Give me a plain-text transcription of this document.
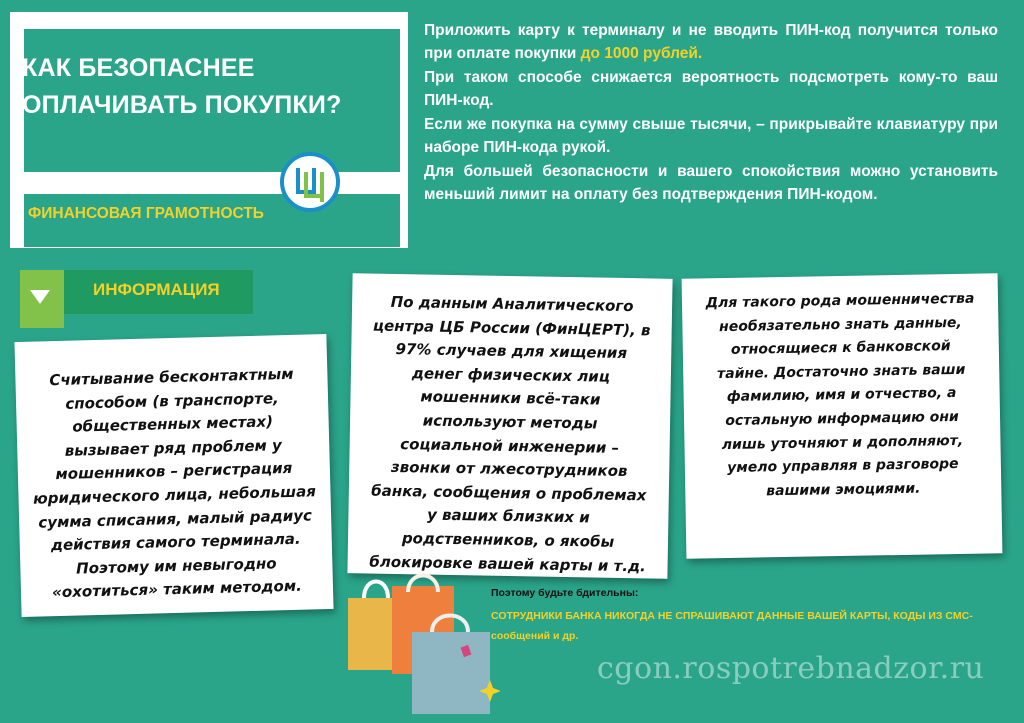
КАК БЕЗОПАСНЕЕ ОПЛАЧИВАТЬ ПОКУПКИ?
ФИНАНСОВАЯ ГРАМОТНОСТЬ

Приложить карту к терминалу и не вводить ПИН-код получится только при оплате покупки до 1000 рублей.

При таком способе снижается вероятность подсмотреть кому-то ваш ПИН-код.

Если же покупка на сумму свыше тысячи, – прикрывайте клавиатуру при наборе ПИН-кода рукой.

Для большей безопасности и вашего спокойствия можно установить меньший лимит на оплату без подтверждения ПИН-кодом.

ИНФОРМАЦИЯ
Считывание бесконтактным способом (в транспорте, общественных местах) вызывает ряд проблем у мошенников – регистрация юридического лица, небольшая сумма списания, малый радиус действия самого терминала. Поэтому им невыгодно «охотиться» таким методом.
По данным Аналитического центра ЦБ России (ФинЦЕРТ), в 97% случаев для хищения денег физических лиц мошенники всё-таки используют методы социальной инженерии – звонки от лжесотрудников банка, сообщения о проблемах у ваших близких и родственников, о якобы блокировке вашей карты и т.д.
Для такого рода мошенничества необязательно знать данные, относящиеся к банковской тайне. Достаточно знать ваши фамилию, имя и отчество, а остальную информацию они лишь уточняют и дополняют, умело управляя в разговоре вашими эмоциями.
Поэтому будьте бдительны:
СОТРУДНИКИ БАНКА НИКОГДА НЕ СПРАШИВАЮТ ДАННЫЕ ВАШЕЙ КАРТЫ, КОДЫ ИЗ СМС-сообщений и др.
cgon.rospotrebnadzor.ru
